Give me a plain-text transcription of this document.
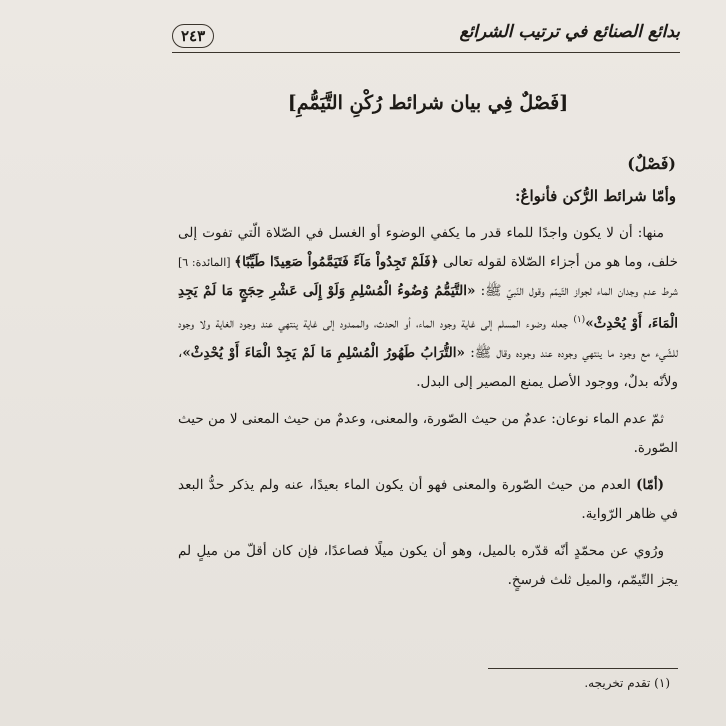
بدائع الصنائع في ترتيب الشرائع
٢٤٣
[فَصْلٌ فِي بيان شرائط رُكْنِ التَّيَمُّمِ]
(فَصْلٌ)
وأمّا شرائط الرُّكن فأنواعٌ:

منها: أن لا يكون واجدًا للماء قدر ما يكفي الوضوء أو الغسل في الصّلاة الّتي تفوت إلى خلف، وما هو من أجزاء الصّلاة لقوله تعالى ﴿فَلَمْ تَجِدُواْ مَآءً فَتَيَمَّمُواْ صَعِيدًا طَيِّبًا﴾ [المائدة: ٦] شرط عدم وجدان الماء لجواز التّيمّم وقول النّبيّ ﷺ: «التَّيَمُّمُ وُضُوءُ الْمُسْلِمِ وَلَوْ إِلَى عَشْرِ حِجَجٍ مَا لَمْ يَجِدِ الْمَاءَ، أَوْ يُحْدِثْ»$^{(١)}$ جعله وضوء المسلم إلى غاية وجود الماء، أو الحدث، والممدود إلى غاية ينتهي عند وجود الغاية ولا وجود للشّيء مع وجود ما ينتهي وجوده عند وجوده وقال ﷺ: «التُّرَابُ طَهُورُ الْمُسْلِمِ مَا لَمْ يَجِدْ الْمَاءَ أَوْ يُحْدِثْ»، ولأنّه بدلٌ، ووجود الأصل يمنع المصير إلى البدل.

ثمّ عدم الماء نوعان: عدمٌ من حيث الصّورة، والمعنى، وعدمٌ من حيث المعنى لا من حيث الصّورة.

(أمّا) العدم من حيث الصّورة والمعنى فهو أن يكون الماء بعيدًا، عنه ولم يذكر حدُّ البعد في ظاهر الرّواية.

ورُوي عن محمّدٍ أنّه قدّره بالميل، وهو أن يكون ميلًا فصاعدًا، فإن كان أقلّ من ميلٍ لم يجز التّيمّم، والميل ثلث فرسخٍ.

(١) تقدم تخريجه.
